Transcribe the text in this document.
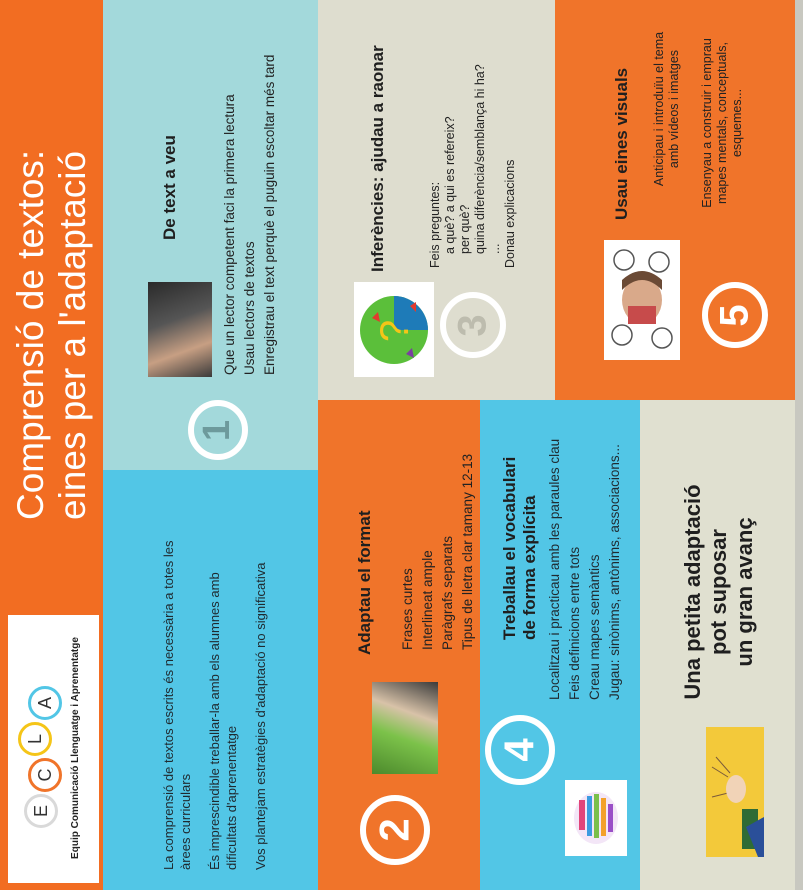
Comprensió de textos: eines per a l'adaptació
E
C
L
A	Equip Comunicació Llenguatge i Aprenentatge	La comprensió de textos escrits és necessària a totes les àrees curriculars És imprescindible treballar-la amb els alumnes amb dificultats d'aprenentatge Vos plantejam estratègies d'adaptació no significativa
1
De text a veu	Que un lector competent faci la primera lectura Usau lectors de textos Enregistrau el text perquè el puguin escoltar més tard
2
Adaptau el format Frases curtes Interlineat ample Paràgrafs separats Tipus de lletra clar tamany 12-13
? 3
Inferències: ajudau a raonar	Feis preguntes: a què? a qui es refereix? per què? quina diferència/semblança hi ha? ... Donau explicacions
4
Treballau el vocabulari de forma explícita Localitzau i practicau amb les paraules clau Feis definicions entre tots Creau mapes semàntics Jugau: sinònims, antònims, associacions...
5
Usau eines visuals Anticipau i introduïu el tema amb vídeos i imatges Ensenyau a construir i emprau mapes mentals, conceptuals, esquemes...
Una petita adaptació pot suposar un gran avanç
